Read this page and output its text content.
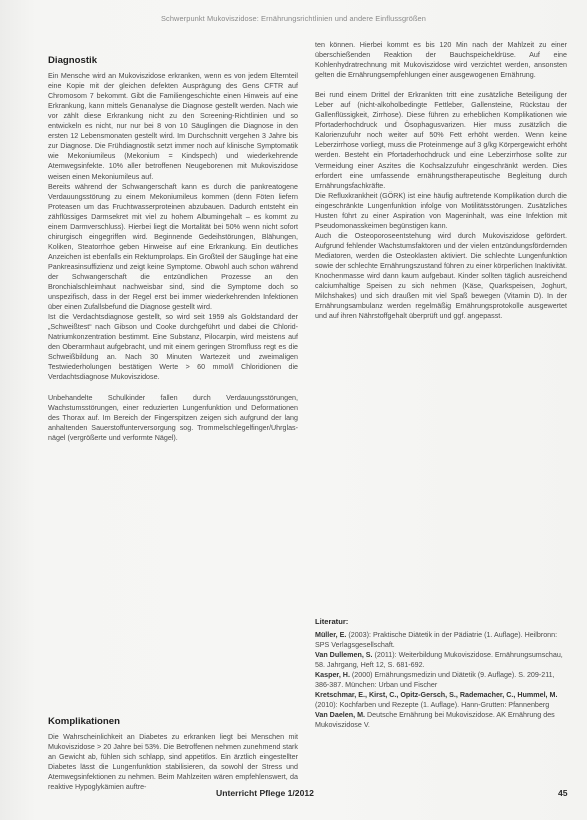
Schwerpunkt Mukoviszidose: Ernährungsrichtlinien und andere Einflussgrößen
Diagnostik

Ein Mensche wird an Mukoviszidose erkranken, wenn es von jedem Elternteil eine Kopie mit der gleichen defekten Ausprägung des Gens CFTR auf Chromosom 7 bekommt. Gibt die Familiengeschichte einen Hinweis auf eine Erkrankung, kann mittels Genanalyse die Diagnose gestellt werden. Nach wie vor zählt diese Erkrankung nicht zu den Screening-Richtlinien und so entwickeln es nicht, nur nur bei 8 von 10 Säuglingen die Diagnose in den ersten 12 Lebensmonaten gestellt wird. Im Durchschnitt vergehen 3 Jahre bis zur Diagnose. Die Frühdiagnostik setzt immer noch auf klinische Symptomatik wie Mekoniumileus (Mekonium = Kindspech) und wiederkehrende Atemwegsinfekte. 10% aller betroffenen Neugeborenen mit Mukoviszidose weisen einen Mekoniumileus auf.

Bereits während der Schwangerschaft kann es durch die pankreatogene Verdauungsstörung zu einem Mekoniumileus kommen (denn Föten liefern Proteasen um das Fruchtwasserproteinen abzubauen. Dadurch entsteht ein zähflüssiges Darmsekret mit viel zu hohem Albumingehalt – es kommt zu einem Darmverschluss). Hierbei liegt die Mortalität bei 50% wenn nicht sofort chirurgisch eingegriffen wird. Beginnende Gedeihstörungen, Blähungen, Koliken, Steatorrhoe geben Hinweise auf eine Erkrankung. Ein deutliches Anzeichen ist ebenfalls ein Rektumprolaps. Ein Großteil der Säuglinge hat eine Pankreasinsuffizienz und zeigt keine Symptome. Obwohl auch schon während der Schwangerschaft die entzündlichen Prozesse an den Bronchialschleimhaut nachweisbar sind, sind die Symptome doch so unspezifisch, dass in der Regel erst bei immer wiederkehrenden Infektionen über einen Zufallsbefund die Diagnose gestellt wird.

Ist die Verdachtsdiagnose gestellt, so wird seit 1959 als Goldstandard der „Schweißtest“ nach Gibson und Cooke durchgeführt und dabei die Chlorid-Natriumkonzentration bestimmt. Eine Substanz, Pilocarpin, wird meistens auf den Oberarmhaut aufgebracht, und mit einem geringen Stromfluss regt es die Schweißbildung an. Nach 30 Minuten Wartezeit und zweimaligen Testwiederholungen bestätigen Werte > 60 mmol/l Chloridionen die Verdachtsdiagnose Mukoviszidose.

Unbehandelte Schulkinder fallen durch Verdauungsstörungen, Wachstumsstörungen, einer reduzierten Lungenfunktion und Deformationen des Thorax auf. Im Bereich der Fingerspitzen zeigen sich aufgrund der lang anhaltenden Sauerstoffunterversorgung sog. Trommelschlegelfinger/Uhrglas-nägel (vergrößerte und verformte Nägel).

Komplikationen

Die Wahrscheinlichkeit an Diabetes zu erkranken liegt bei Menschen mit Mukoviszidose > 20 Jahre bei 53%. Die Betroffenen nehmen zunehmend stark an Gewicht ab, fühlen sich schlapp, sind appetitlos. Ein ärztlich eingestellter Diabetes lässt die Lungenfunktion stabilisieren, da sowohl der Stress und Atemwegsinfektionen zu nehmen. Beim Mahlzeiten wären empfehlenswert, da reaktive Hypoglykämien auftre-

ten können. Hierbei kommt es bis 120 Min nach der Mahlzeit zu einer überschießenden Reaktion der Bauchspeicheldrüse. Auf eine Kohlenhydratrechnung mit Mukoviszidose wird verzichtet werden, ansonsten gelten die Ernährungsempfehlungen einer ausgewogenen Ernährung.

Bei rund einem Drittel der Erkrankten tritt eine zusätzliche Beteiligung der Leber auf (nicht-alkoholbedingte Fettleber, Gallensteine, Rückstau der Gallenflüssigkeit, Zirrhose). Diese führen zu erheblichen Komplikationen wie Pfortaderhochdruck und Ösophagusvarizen. Hier muss zusätzlich die Kalorienzufuhr noch weiter auf 50% Fett erhöht werden. Wenn keine Leberzirrhose vorliegt, muss die Proteinmenge auf 3 g/kg Körpergewicht erhöht werden. Besteht ein Pfortaderhochdruck und eine Leberzirrhose sollte zur Vermeidung einer Aszites die Kochsalzzufuhr eingeschränkt werden. Dies erfordert eine umfassende ernährungstherapeutische Begleitung durch Ernährungsfachkräfte.

Die Refluxkrankheit (GÖRK) ist eine häufig auftretende Komplikation durch die eingeschränkte Lungenfunktion infolge von Motilitätsstörungen. Zusätzliches Husten führt zu einer Aspiration von Mageninhalt, was eine Infektion mit Pseudomonasskeimen begünstigen kann.

Auch die Osteoporoseentstehung wird durch Mukoviszidose gefördert. Aufgrund fehlender Wachstumsfaktoren und der vielen entzündungsfördernden Mediatoren, werden die Osteoklasten aktiviert. Die schlechte Lungenfunktion sowie der schlechte Ernährungszustand führen zu einer körperlichen Inaktivität. Knochenmasse wird dann kaum aufgebaut. Kinder sollten täglich ausreichend calciumhaltige Speisen zu sich nehmen (Käse, Quarkspeisen, Joghurt, Milchshakes) und sich draußen mit viel Spaß bewegen (Vitamin D). In der Ernährungsambulanz werden regelmäßig Ernährungsprotokolle ausgewertet und auf ihren Nährstoffgehalt überprüft und ggf. angepasst.

Literatur:

Müller, E. (2003): Praktische Diätetik in der Pädiatrie (1. Auflage). Heilbronn: SPS Verlagsgesellschaft.

Van Dullemen, S. (2011): Weiterbildung Mukoviszidose. Ernährungsumschau, 58. Jahrgang, Heft 12, S. 681-692.

Kasper, H. (2000) Ernährungsmedizin und Diätetik (9. Auflage). S. 209-211, 386-387. München: Urban und Fischer

Kretschmar, E., Kirst, C., Opitz-Gersch, S., Rademacher, C., Hummel, M. (2010): Kochfarben und Rezepte (1. Auflage). Hann-Grutten: Pfannenberg

Van Daelen, M. Deutsche Ernährung bei Mukoviszidose. AK Ernährung des Mukoviszidose V.

Unterricht Pflege 1/2012	45
